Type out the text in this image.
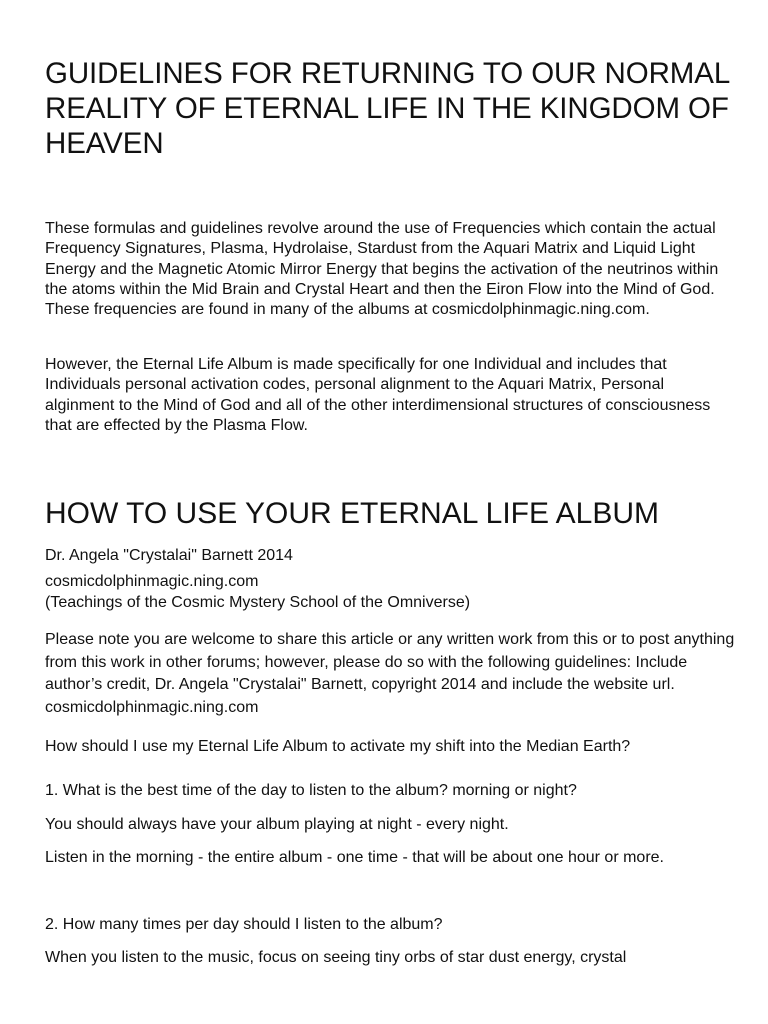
GUIDELINES FOR RETURNING TO OUR NORMAL REALITY OF ETERNAL LIFE IN THE KINGDOM OF HEAVEN

These formulas and guidelines revolve around the use of Frequencies which contain the actual Frequency Signatures, Plasma, Hydrolaise, Stardust from the Aquari Matrix and Liquid Light Energy and the Magnetic Atomic Mirror Energy that begins the activation of the neutrinos within the atoms within the Mid Brain and Crystal Heart and then the Eiron Flow into the Mind of God. These frequencies are found in many of the albums at cosmicdolphinmagic.ning.com.

However, the Eternal Life Album is made specifically for one Individual and includes that Individuals personal activation codes, personal alignment to the Aquari Matrix, Personal alginment to the Mind of God and all of the other interdimensional structures of consciousness that are effected by the Plasma Flow.

HOW TO USE YOUR ETERNAL LIFE ALBUM

Dr. Angela "Crystalai" Barnett 2014

cosmicdolphinmagic.ning.com

(Teachings of the Cosmic Mystery School of the Omniverse)

Please note you are welcome to share this article or any written work from this or to post anything from this work in other forums; however, please do so with the following guidelines: Include author’s credit, Dr. Angela "Crystalai" Barnett, copyright 2014 and include the website url. cosmicdolphinmagic.ning.com

How should I use my Eternal Life Album to activate my shift into the Median Earth?

1. What is the best time of the day to listen to the album? morning or night?

You should always have your album playing at night - every night.

Listen in the morning - the entire album - one time - that will be about one hour or more.

2. How many times per day should I listen to the album?

When you listen to the music, focus on seeing tiny orbs of star dust energy, crystal
